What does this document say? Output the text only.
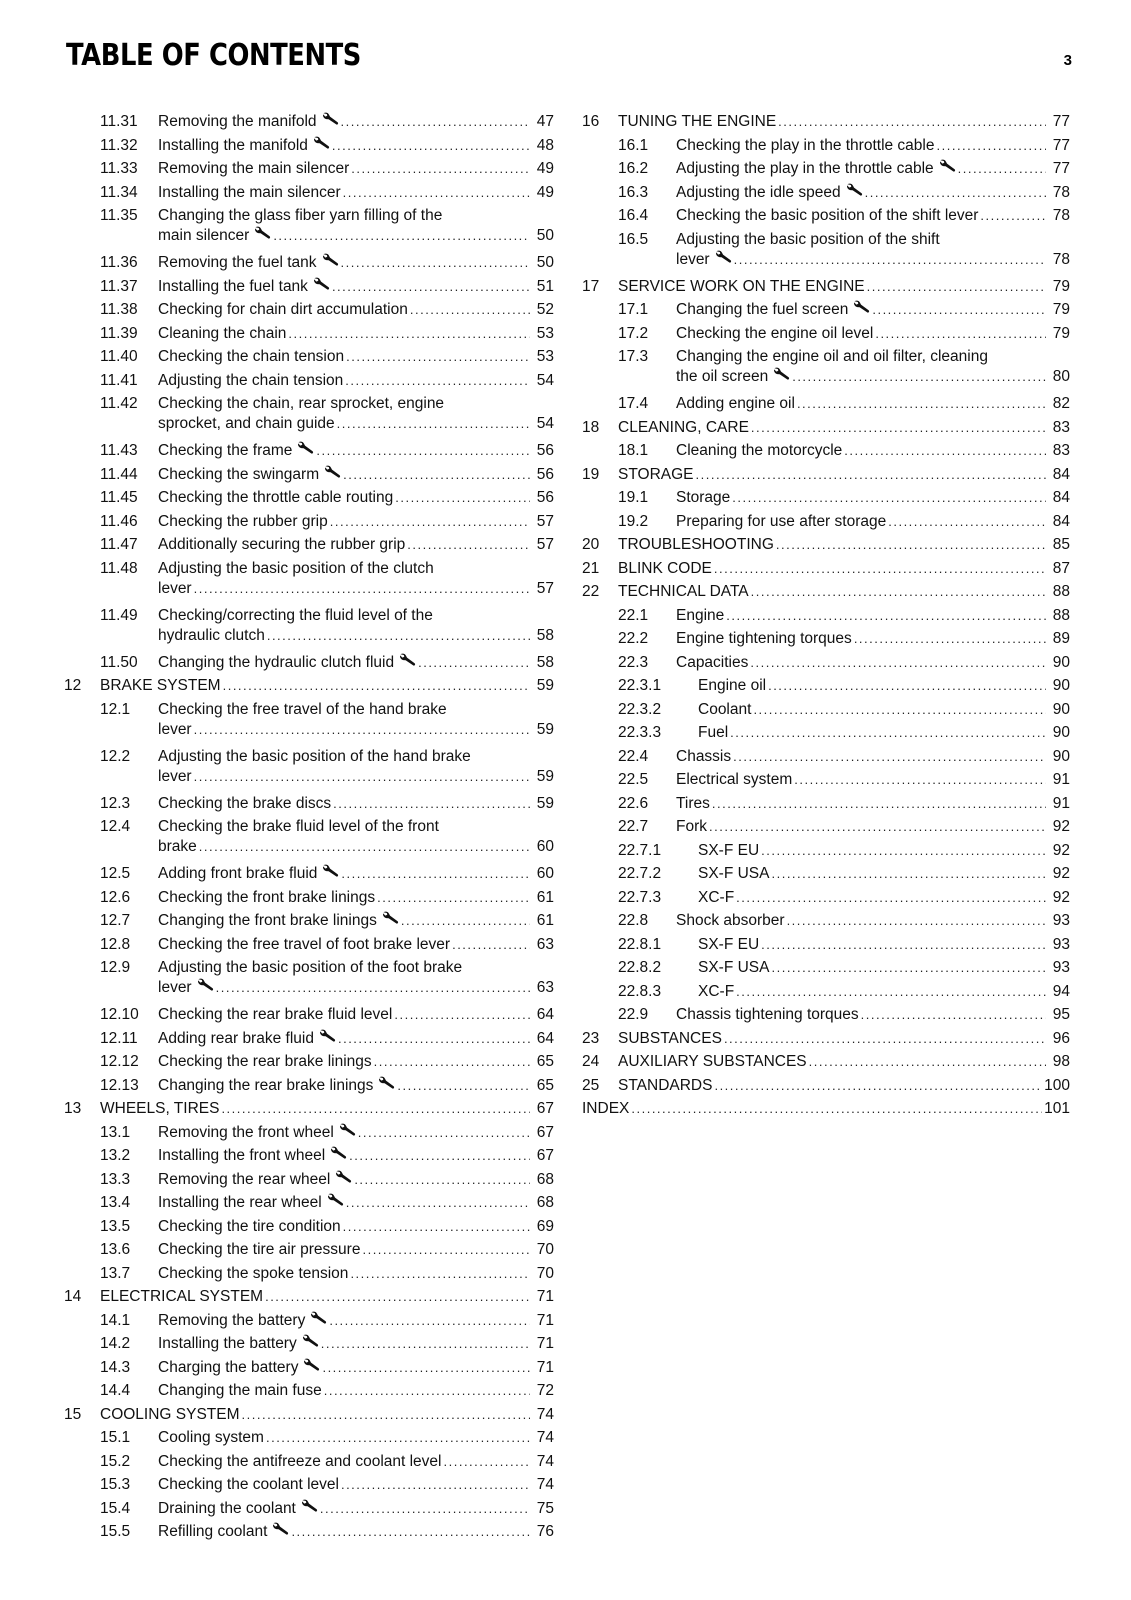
TABLE OF CONTENTS	3
11.31 Removing the manifold .....	47
11.32 Installing the manifold .....	48
11.33 Removing the main silencer .....	49
11.34 Installing the main silencer .....	49
11.35 Changing the glass fiber yarn filling of the
main silencer .....	50
11.36 Removing the fuel tank .....	50
11.37 Installing the fuel tank .....	51
11.38 Checking for chain dirt accumulation .....	52
11.39 Cleaning the chain .....	53
11.40 Checking the chain tension .....	53
11.41 Adjusting the chain tension .....	54
11.42 Checking the chain, rear sprocket, engine
sprocket, and chain guide .....	54
11.43 Checking the frame .....	56
11.44 Checking the swingarm .....	56
11.45 Checking the throttle cable routing .....	56
11.46 Checking the rubber grip .....	57
11.47 Additionally securing the rubber grip .....	57
11.48 Adjusting the basic position of the clutch
lever .....	57
11.49 Checking/correcting the fluid level of the
hydraulic clutch .....	58
11.50 Changing the hydraulic clutch fluid .....	58
12 BRAKE SYSTEM .....	59
12.1 Checking the free travel of the hand brake
lever .....	59
12.2 Adjusting the basic position of the hand brake
lever .....	59
12.3 Checking the brake discs .....	59
12.4 Checking the brake fluid level of the front
brake .....	60
12.5 Adding front brake fluid .....	60
12.6 Checking the front brake linings .....	61
12.7 Changing the front brake linings .....	61
12.8 Checking the free travel of foot brake lever .....	63
12.9 Adjusting the basic position of the foot brake
lever .....	63
12.10 Checking the rear brake fluid level .....	64
12.11 Adding rear brake fluid .....	64
12.12 Checking the rear brake linings .....	65
12.13 Changing the rear brake linings .....	65
13 WHEELS, TIRES .....	67
13.1 Removing the front wheel .....	67
13.2 Installing the front wheel .....	67
13.3 Removing the rear wheel .....	68
13.4 Installing the rear wheel .....	68
13.5 Checking the tire condition .....	69
13.6 Checking the tire air pressure .....	70
13.7 Checking the spoke tension .....	70
14 ELECTRICAL SYSTEM .....	71
14.1 Removing the battery .....	71
14.2 Installing the battery .....	71
14.3 Charging the battery .....	71
14.4 Changing the main fuse .....	72
15 COOLING SYSTEM .....	74
15.1 Cooling system .....	74
15.2 Checking the antifreeze and coolant level .....	74
15.3 Checking the coolant level .....	74
15.4 Draining the coolant .....	75
15.5 Refilling coolant .....	76
16 TUNING THE ENGINE .....	77
16.1 Checking the play in the throttle cable .....	77
16.2 Adjusting the play in the throttle cable .....	77
16.3 Adjusting the idle speed .....	78
16.4 Checking the basic position of the shift lever .....	78
16.5 Adjusting the basic position of the shift
lever .....	78
17 SERVICE WORK ON THE ENGINE .....	79
17.1 Changing the fuel screen .....	79
17.2 Checking the engine oil level .....	79
17.3 Changing the engine oil and oil filter, cleaning
the oil screen .....	80
17.4 Adding engine oil .....	82
18 CLEANING, CARE .....	83
18.1 Cleaning the motorcycle .....	83
19 STORAGE .....	84
19.1 Storage .....	84
19.2 Preparing for use after storage .....	84
20 TROUBLESHOOTING .....	85
21 BLINK CODE .....	87
22 TECHNICAL DATA .....	88
22.1 Engine .....	88
22.2 Engine tightening torques .....	89
22.3 Capacities .....	90
22.3.1 Engine oil .....	90
22.3.2 Coolant .....	90
22.3.3 Fuel .....	90
22.4 Chassis .....	90
22.5 Electrical system .....	91
22.6 Tires .....	91
22.7 Fork .....	92
22.7.1 SX-F EU .....	92
22.7.2 SX-F USA .....	92
22.7.3 XC-F .....	92
22.8 Shock absorber .....	93
22.8.1 SX-F EU .....	93
22.8.2 SX-F USA .....	93
22.8.3 XC-F .....	94
22.9 Chassis tightening torques .....	95
23 SUBSTANCES .....	96
24 AUXILIARY SUBSTANCES .....	98
25 STANDARDS .....	100
INDEX .....	101
